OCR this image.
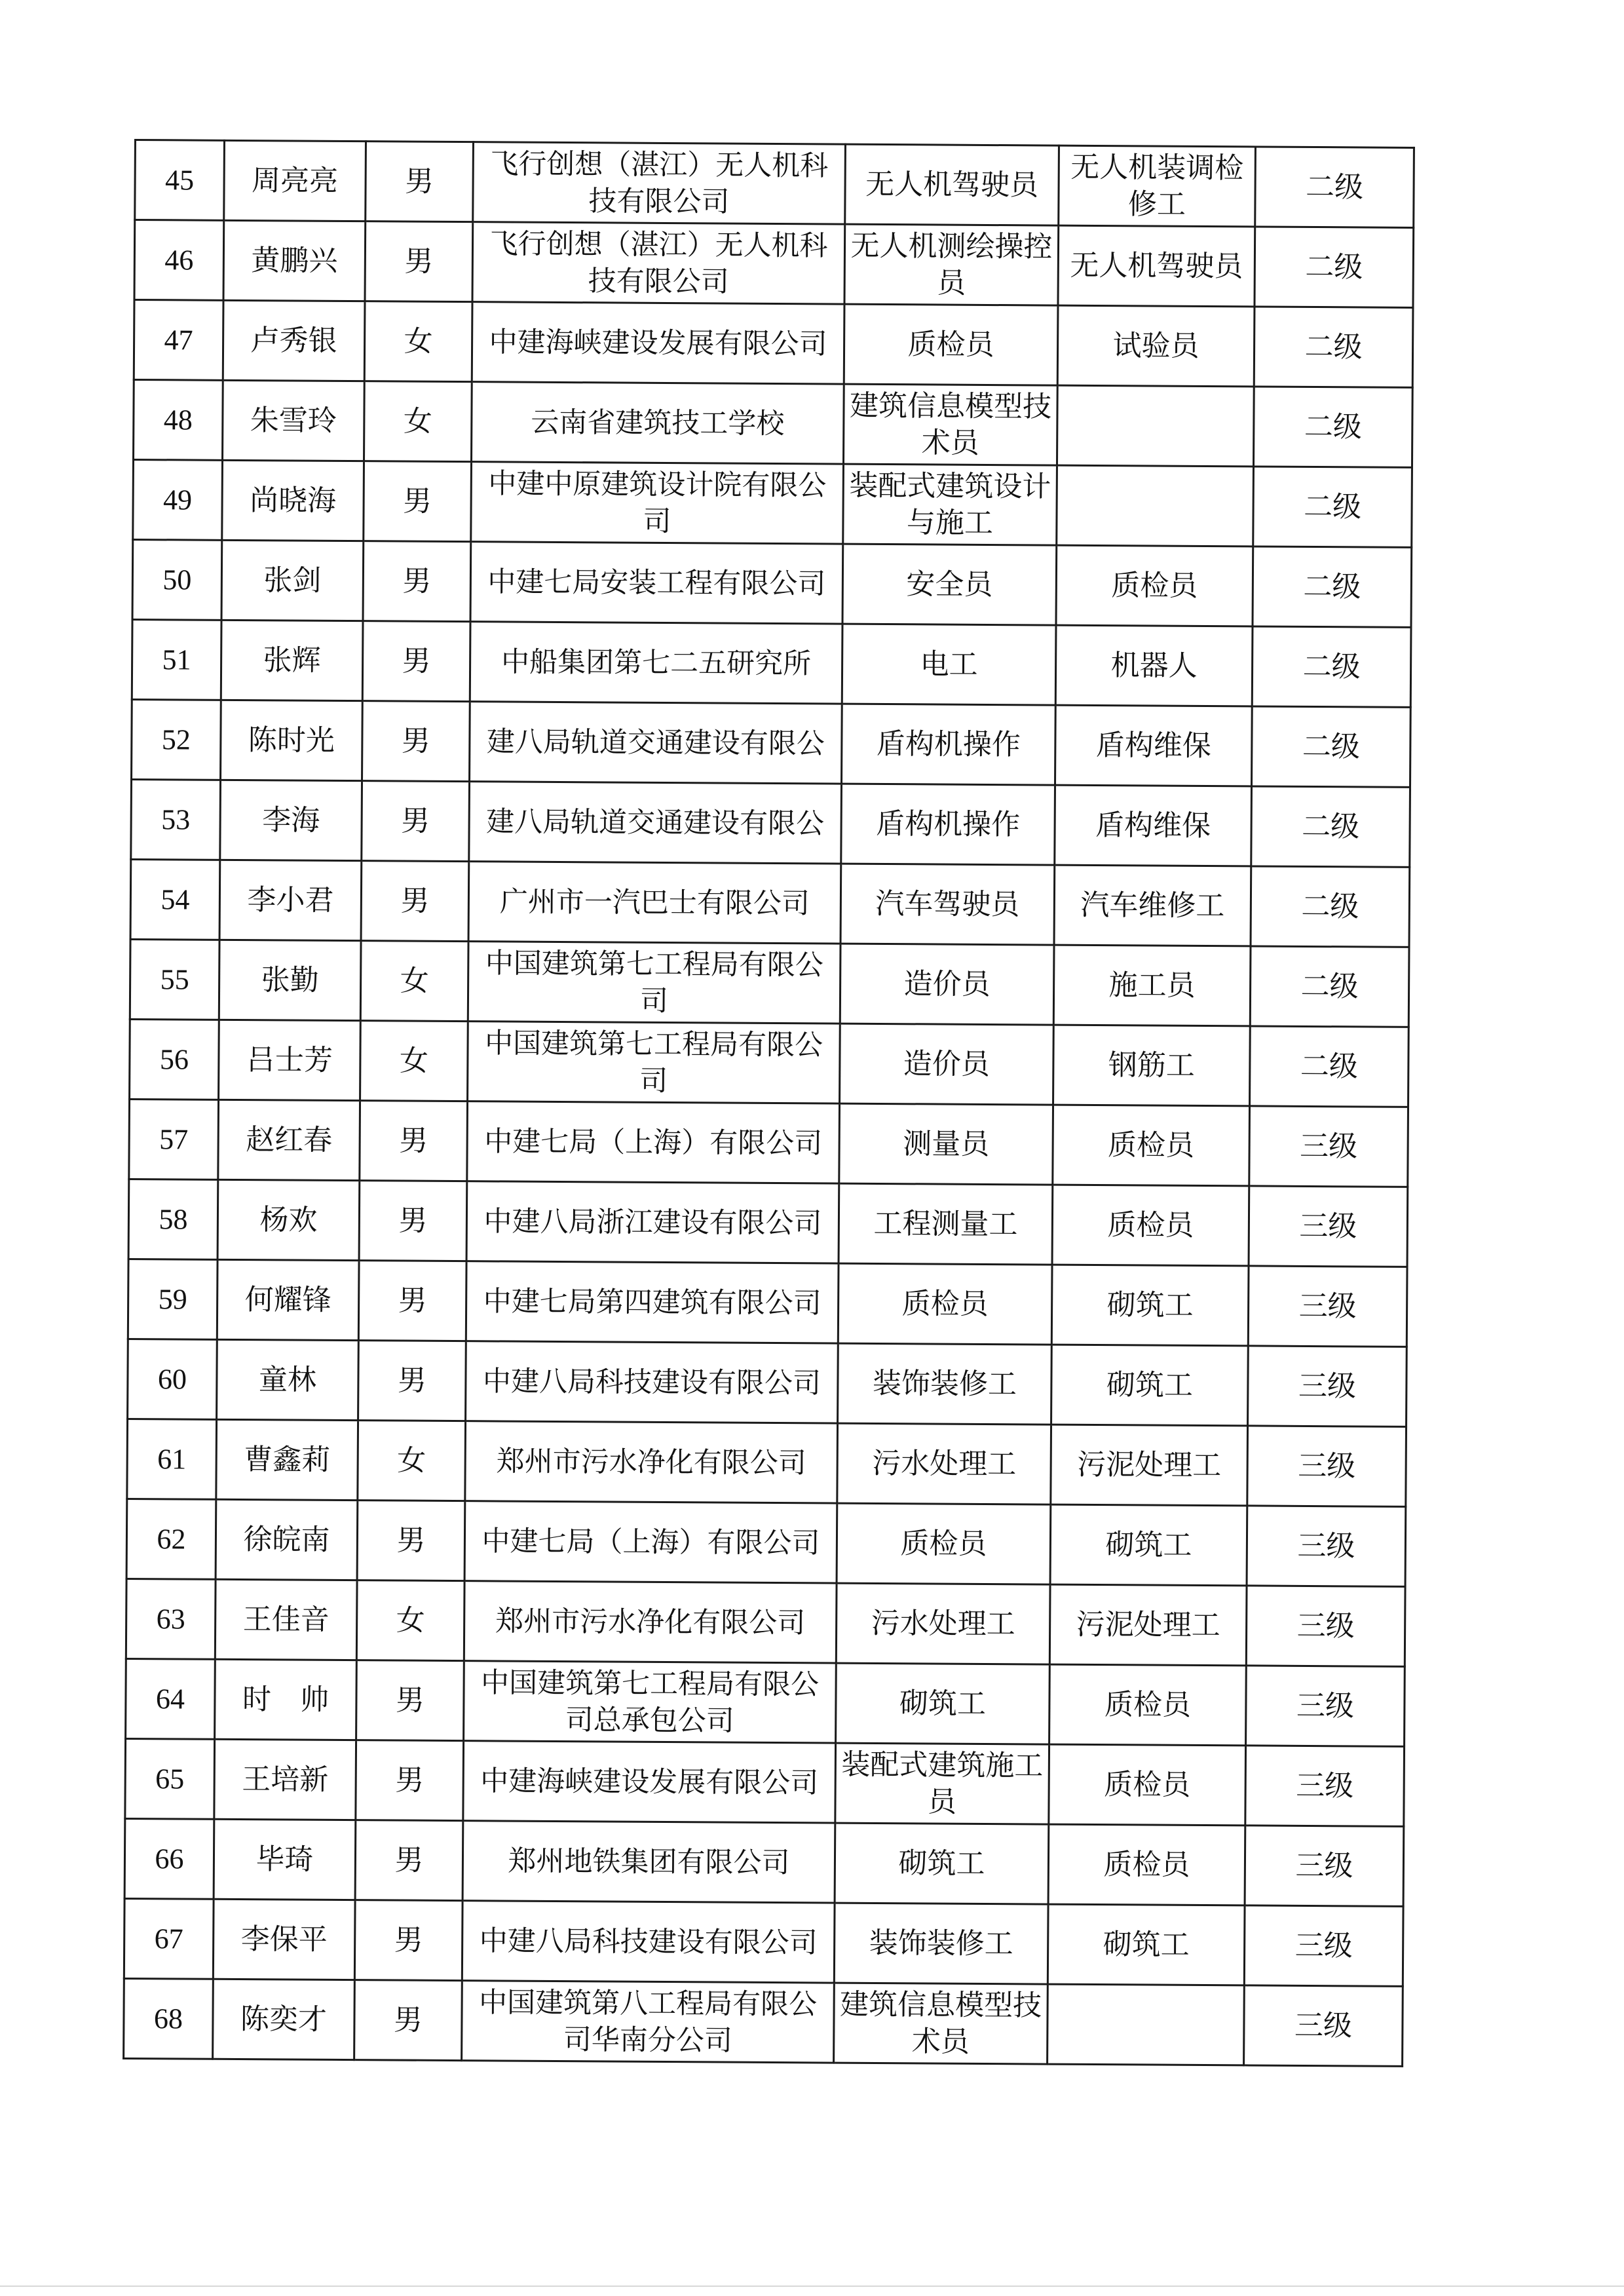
45	周亮亮	男	飞行创想（湛江）无人机科技有限公司	无人机驾驶员	无人机装调检修工	二级
46	黄鹏兴	男	飞行创想（湛江）无人机科技有限公司	无人机测绘操控员	无人机驾驶员	二级
47	卢秀银	女	中建海峡建设发展有限公司	质检员	试验员	二级
48	朱雪玲	女	云南省建筑技工学校	建筑信息模型技术员		二级
49	尚晓海	男	中建中原建筑设计院有限公司	装配式建筑设计与施工		二级
50	张剑	男	中建七局安装工程有限公司	安全员	质检员	二级
51	张辉	男	中船集团第七二五研究所	电工	机器人	二级
52	陈时光	男	建八局轨道交通建设有限公	盾构机操作	盾构维保	二级
53	李海	男	建八局轨道交通建设有限公	盾构机操作	盾构维保	二级
54	李小君	男	广州市一汽巴士有限公司	汽车驾驶员	汽车维修工	二级
55	张勤	女	中国建筑第七工程局有限公司	造价员	施工员	二级
56	吕士芳	女	中国建筑第七工程局有限公司	造价员	钢筋工	二级
57	赵红春	男	中建七局（上海）有限公司	测量员	质检员	三级
58	杨欢	男	中建八局浙江建设有限公司	工程测量工	质检员	三级
59	何耀锋	男	中建七局第四建筑有限公司	质检员	砌筑工	三级
60	童林	男	中建八局科技建设有限公司	装饰装修工	砌筑工	三级
61	曹鑫莉	女	郑州市污水净化有限公司	污水处理工	污泥处理工	三级
62	徐皖南	男	中建七局（上海）有限公司	质检员	砌筑工	三级
63	王佳音	女	郑州市污水净化有限公司	污水处理工	污泥处理工	三级
64	时　帅	男	中国建筑第七工程局有限公司总承包公司	砌筑工	质检员	三级
65	王培新	男	中建海峡建设发展有限公司	装配式建筑施工员	质检员	三级
66	毕琦	男	郑州地铁集团有限公司	砌筑工	质检员	三级
67	李保平	男	中建八局科技建设有限公司	装饰装修工	砌筑工	三级
68	陈奕才	男	中国建筑第八工程局有限公司华南分公司	建筑信息模型技术员		三级
